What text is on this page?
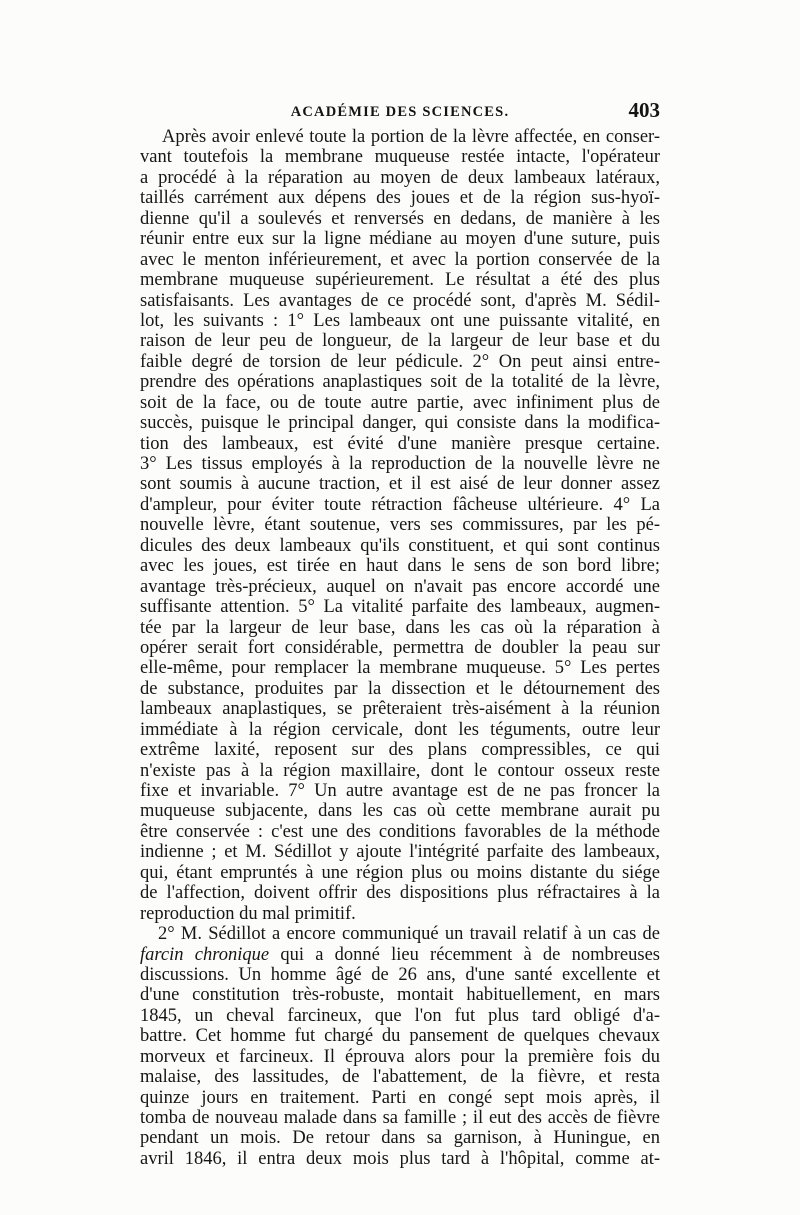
ACADÉMIE DES SCIENCES.	403
Après avoir enlevé toute la portion de la lèvre affectée, en conser-
vant toutefois la membrane muqueuse restée intacte, l'opérateur
a procédé à la réparation au moyen de deux lambeaux latéraux,
taillés carrément aux dépens des joues et de la région sus-hyoï-
dienne qu'il a soulevés et renversés en dedans, de manière à les
réunir entre eux sur la ligne médiane au moyen d'une suture, puis
avec le menton inférieurement, et avec la portion conservée de la
membrane muqueuse supérieurement. Le résultat a été des plus
satisfaisants. Les avantages de ce procédé sont, d'après M. Sédil-
lot, les suivants : 1° Les lambeaux ont une puissante vitalité, en
raison de leur peu de longueur, de la largeur de leur base et du
faible degré de torsion de leur pédicule. 2° On peut ainsi entre-
prendre des opérations anaplastiques soit de la totalité de la lèvre,
soit de la face, ou de toute autre partie, avec infiniment plus de
succès, puisque le principal danger, qui consiste dans la modifica-
tion des lambeaux, est évité d'une manière presque certaine.
3° Les tissus employés à la reproduction de la nouvelle lèvre ne
sont soumis à aucune traction, et il est aisé de leur donner assez
d'ampleur, pour éviter toute rétraction fâcheuse ultérieure. 4° La
nouvelle lèvre, étant soutenue, vers ses commissures, par les pé-
dicules des deux lambeaux qu'ils constituent, et qui sont continus
avec les joues, est tirée en haut dans le sens de son bord libre;
avantage très-précieux, auquel on n'avait pas encore accordé une
suffisante attention. 5° La vitalité parfaite des lambeaux, augmen-
tée par la largeur de leur base, dans les cas où la réparation à
opérer serait fort considérable, permettra de doubler la peau sur
elle-même, pour remplacer la membrane muqueuse. 5° Les pertes
de substance, produites par la dissection et le détournement des
lambeaux anaplastiques, se prêteraient très-aisément à la réunion
immédiate à la région cervicale, dont les téguments, outre leur
extrême laxité, reposent sur des plans compressibles, ce qui
n'existe pas à la région maxillaire, dont le contour osseux reste
fixe et invariable. 7° Un autre avantage est de ne pas froncer la
muqueuse subjacente, dans les cas où cette membrane aurait pu
être conservée : c'est une des conditions favorables de la méthode
indienne ; et M. Sédillot y ajoute l'intégrité parfaite des lambeaux,
qui, étant empruntés à une région plus ou moins distante du siége
de l'affection, doivent offrir des dispositions plus réfractaires à la
reproduction du mal primitif.
2° M. Sédillot a encore communiqué un travail relatif à un cas de
farcin chronique qui a donné lieu récemment à de nombreuses
discussions. Un homme âgé de 26 ans, d'une santé excellente et
d'une constitution très-robuste, montait habituellement, en mars
1845, un cheval farcineux, que l'on fut plus tard obligé d'a-
battre. Cet homme fut chargé du pansement de quelques chevaux
morveux et farcineux. Il éprouva alors pour la première fois du
malaise, des lassitudes, de l'abattement, de la fièvre, et resta
quinze jours en traitement. Parti en congé sept mois après, il
tomba de nouveau malade dans sa famille ; il eut des accès de fièvre
pendant un mois. De retour dans sa garnison, à Huningue, en
avril 1846, il entra deux mois plus tard à l'hôpital, comme at-
